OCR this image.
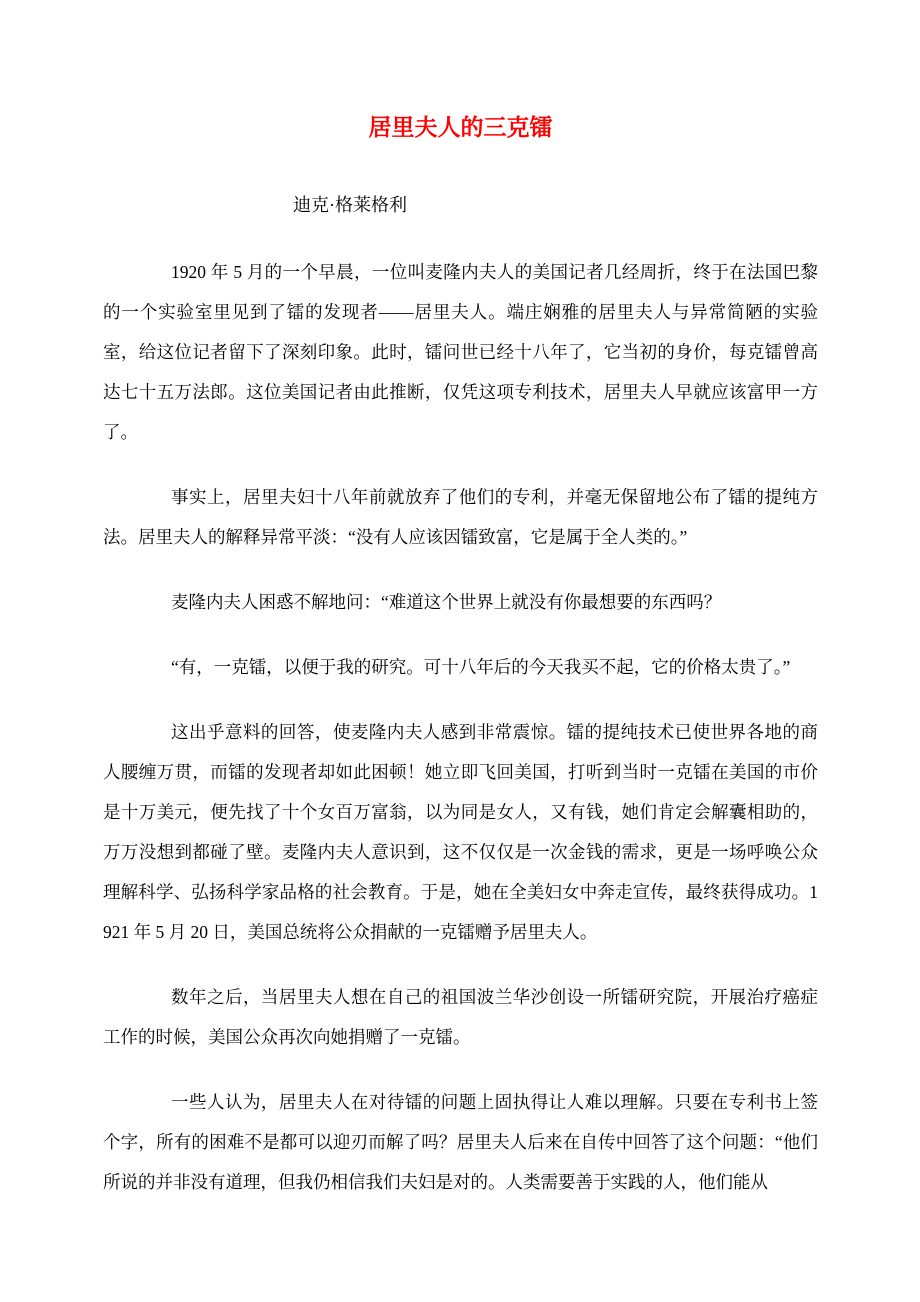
居里夫人的三克镭
迪克·格莱格利

1920 年 5 月的一个早晨，一位叫麦隆内夫人的美国记者几经周折，终于在法国巴黎的一个实验室里见到了镭的发现者——居里夫人。端庄娴雅的居里夫人与异常简陋的实验室，给这位记者留下了深刻印象。此时，镭问世已经十八年了，它当初的身价，每克镭曾高达七十五万法郎。这位美国记者由此推断，仅凭这项专利技术，居里夫人早就应该富甲一方了。

事实上，居里夫妇十八年前就放弃了他们的专利，并毫无保留地公布了镭的提纯方法。居里夫人的解释异常平淡：“没有人应该因镭致富，它是属于全人类的。”

麦隆内夫人困惑不解地问：“难道这个世界上就没有你最想要的东西吗？

“有，一克镭，以便于我的研究。可十八年后的今天我买不起，它的价格太贵了。”

这出乎意料的回答，使麦隆内夫人感到非常震惊。镭的提纯技术已使世界各地的商人腰缠万贯，而镭的发现者却如此困顿！她立即飞回美国，打听到当时一克镭在美国的市价是十万美元，便先找了十个女百万富翁，以为同是女人，又有钱，她们肯定会解囊相助的，万万没想到都碰了壁。麦隆内夫人意识到，这不仅仅是一次金钱的需求，更是一场呼唤公众理解科学、弘扬科学家品格的社会教育。于是，她在全美妇女中奔走宣传，最终获得成功。1921 年 5 月 20 日，美国总统将公众捐献的一克镭赠予居里夫人。

数年之后，当居里夫人想在自己的祖国波兰华沙创设一所镭研究院，开展治疗癌症工作的时候，美国公众再次向她捐赠了一克镭。

一些人认为，居里夫人在对待镭的问题上固执得让人难以理解。只要在专利书上签个字，所有的困难不是都可以迎刃而解了吗？居里夫人后来在自传中回答了这个问题：“他们所说的并非没有道理，但我仍相信我们夫妇是对的。人类需要善于实践的人，他们能从
